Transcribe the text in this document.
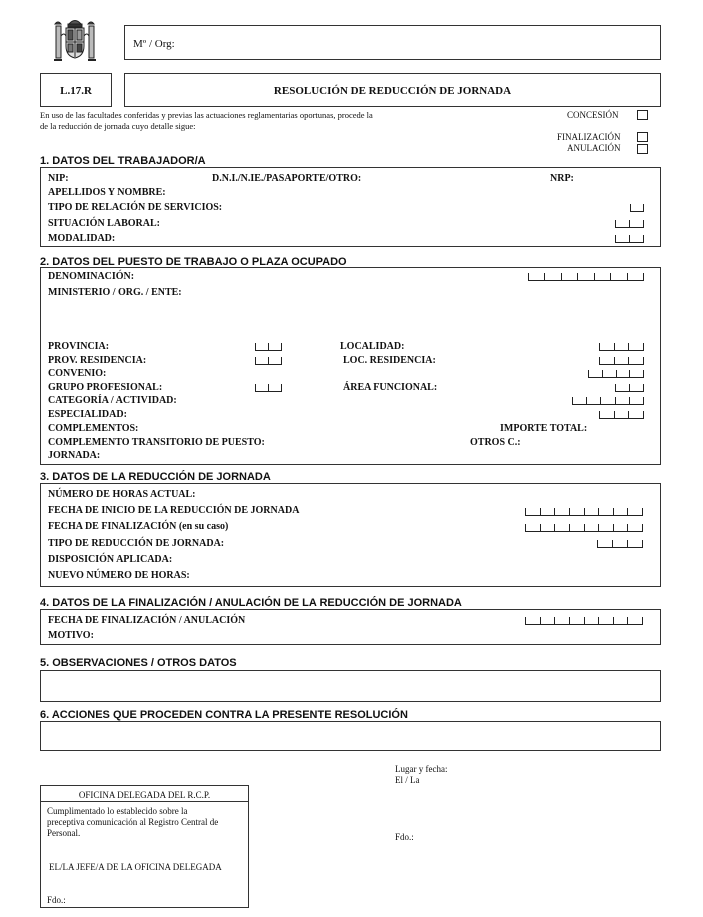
Mº / Org:
L.17.R	RESOLUCIÓN DE REDUCCIÓN DE JORNADA
En uso de las facultades conferidas y previas las actuaciones reglamentarias oportunas, procede la
de la reducción de jornada cuyo detalle sigue:
CONCESIÓN
FINALIZACIÓN
ANULACIÓN
1. DATOS DEL TRABAJADOR/A
NIP:	D.N.I./N.IE./PASAPORTE/OTRO:	NRP:
APELLIDOS Y NOMBRE:
TIPO DE RELACIÓN DE SERVICIOS:
SITUACIÓN LABORAL:
MODALIDAD:
2. DATOS DEL PUESTO DE TRABAJO O PLAZA OCUPADO
DENOMINACIÓN:
MINISTERIO / ORG. / ENTE:
PROVINCIA:	LOCALIDAD:
PROV. RESIDENCIA:	LOC. RESIDENCIA:
CONVENIO:
GRUPO PROFESIONAL:	ÁREA FUNCIONAL:
CATEGORÍA / ACTIVIDAD:
ESPECIALIDAD:
COMPLEMENTOS:	IMPORTE TOTAL:
COMPLEMENTO TRANSITORIO DE PUESTO:	OTROS C.:
JORNADA:
3. DATOS DE LA REDUCCIÓN DE JORNADA
NÚMERO DE HORAS ACTUAL:
FECHA DE INICIO DE LA REDUCCIÓN DE JORNADA
FECHA DE FINALIZACIÓN (en su caso)
TIPO DE REDUCCIÓN DE JORNADA:
DISPOSICIÓN APLICADA:
NUEVO NÚMERO DE HORAS:
4. DATOS DE LA FINALIZACIÓN / ANULACIÓN DE LA REDUCCIÓN DE JORNADA
FECHA DE FINALIZACIÓN / ANULACIÓN
MOTIVO:
5. OBSERVACIONES / OTROS DATOS
6. ACCIONES QUE PROCEDEN CONTRA LA PRESENTE RESOLUCIÓN
Lugar y fecha:
El / La
Fdo.:
OFICINA DELEGADA DEL R.C.P.
Cumplimentado lo establecido sobre la
preceptiva comunicación al Registro Central de
Personal.
EL/LA JEFE/A DE LA OFICINA DELEGADA
Fdo.:
